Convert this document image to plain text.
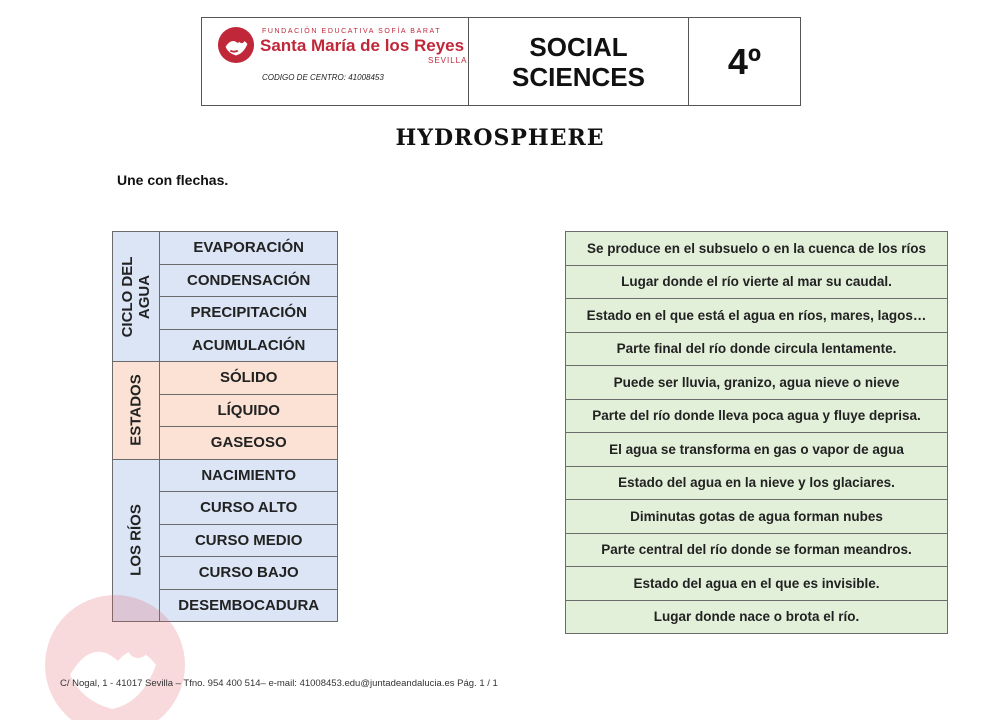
FUNDACIÓN EDUCATIVA SOFÍA BARAT
Santa María de los Reyes
SEVILLA
CODIGO DE CENTRO: 41008453
SOCIAL
SCIENCES 4º
HYDROSPHERE
Une con flechas.
CICLO DEL AGUA	EVAPORACIÓN
	CONDENSACIÓN
	PRECIPITACIÓN
	ACUMULACIÓN

ESTADOS	SÓLIDO
	LÍQUIDO
	GASEOSO

LOS RÍOS	NACIMIENTO
	CURSO ALTO
	CURSO MEDIO
	CURSO BAJO
	DESEMBOCADURA
Se produce en el subsuelo o en la cuenca de los ríos
Lugar donde el río vierte al mar su caudal.
Estado en el que está el agua en ríos, mares, lagos…
Parte final del río donde circula lentamente.
Puede ser lluvia, granizo, agua nieve o nieve
Parte del río donde lleva poca agua y fluye deprisa.
El agua se transforma en gas o vapor de agua
Estado del agua en la nieve y los glaciares.
Diminutas gotas de agua forman nubes
Parte central del río donde se forman meandros.
Estado del agua en el que es invisible.
Lugar donde nace o brota el río.
C/ Nogal, 1 - 41017 Sevilla – Tfno. 954 400 514– e-mail: 41008453.edu@juntadeandalucia.es Pág. 1 / 1
